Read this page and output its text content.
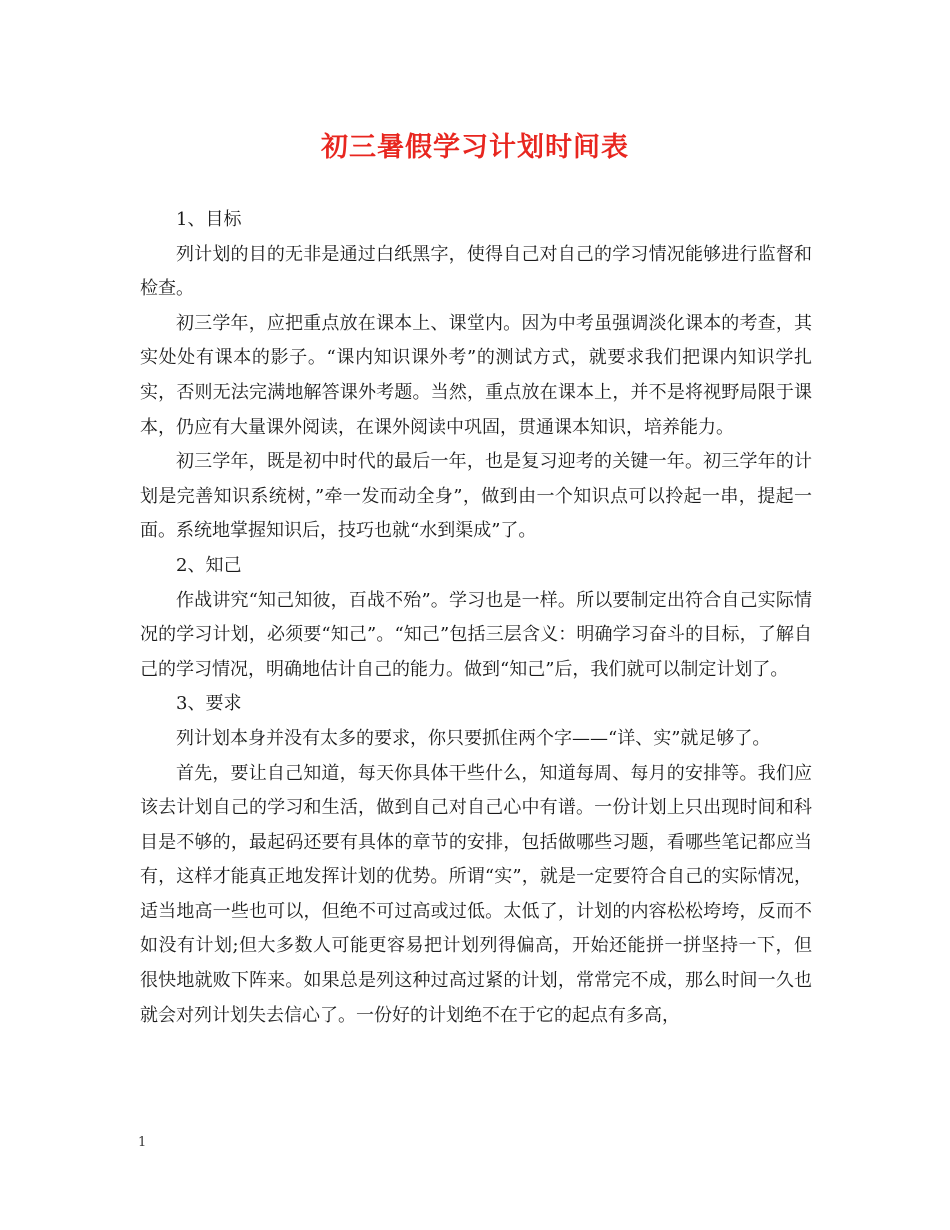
初三暑假学习计划时间表

1、目标

列计划的目的无非是通过白纸黑字，使得自己对自己的学习情况能够进行监督和检查。

初三学年，应把重点放在课本上、课堂内。因为中考虽强调淡化课本的考查，其实处处有课本的影子。“课内知识课外考”的测试方式，就要求我们把课内知识学扎实，否则无法完满地解答课外考题。当然，重点放在课本上，并不是将视野局限于课本，仍应有大量课外阅读，在课外阅读中巩固，贯通课本知识，培养能力。

初三学年，既是初中时代的最后一年，也是复习迎考的关键一年。初三学年的计划是完善知识系统树，”牵一发而动全身”，做到由一个知识点可以拎起一串，提起一面。系统地掌握知识后，技巧也就“水到渠成”了。

2、知己

作战讲究“知己知彼，百战不殆”。学习也是一样。所以要制定出符合自己实际情况的学习计划，必须要“知己”。“知己”包括三层含义：明确学习奋斗的目标，了解自己的学习情况，明确地估计自己的能力。做到“知己”后，我们就可以制定计划了。

3、要求

列计划本身并没有太多的要求，你只要抓住两个字——“详、实”就足够了。

首先，要让自己知道，每天你具体干些什么，知道每周、每月的安排等。我们应该去计划自己的学习和生活，做到自己对自己心中有谱。一份计划上只出现时间和科目是不够的，最起码还要有具体的章节的安排，包括做哪些习题，看哪些笔记都应当有，这样才能真正地发挥计划的优势。所谓“实”，就是一定要符合自己的实际情况，适当地高一些也可以，但绝不可过高或过低。太低了，计划的内容松松垮垮，反而不如没有计划;但大多数人可能更容易把计划列得偏高，开始还能拼一拼坚持一下，但很快地就败下阵来。如果总是列这种过高过紧的计划，常常完不成，那么时间一久也就会对列计划失去信心了。一份好的计划绝不在于它的起点有多高，

1
